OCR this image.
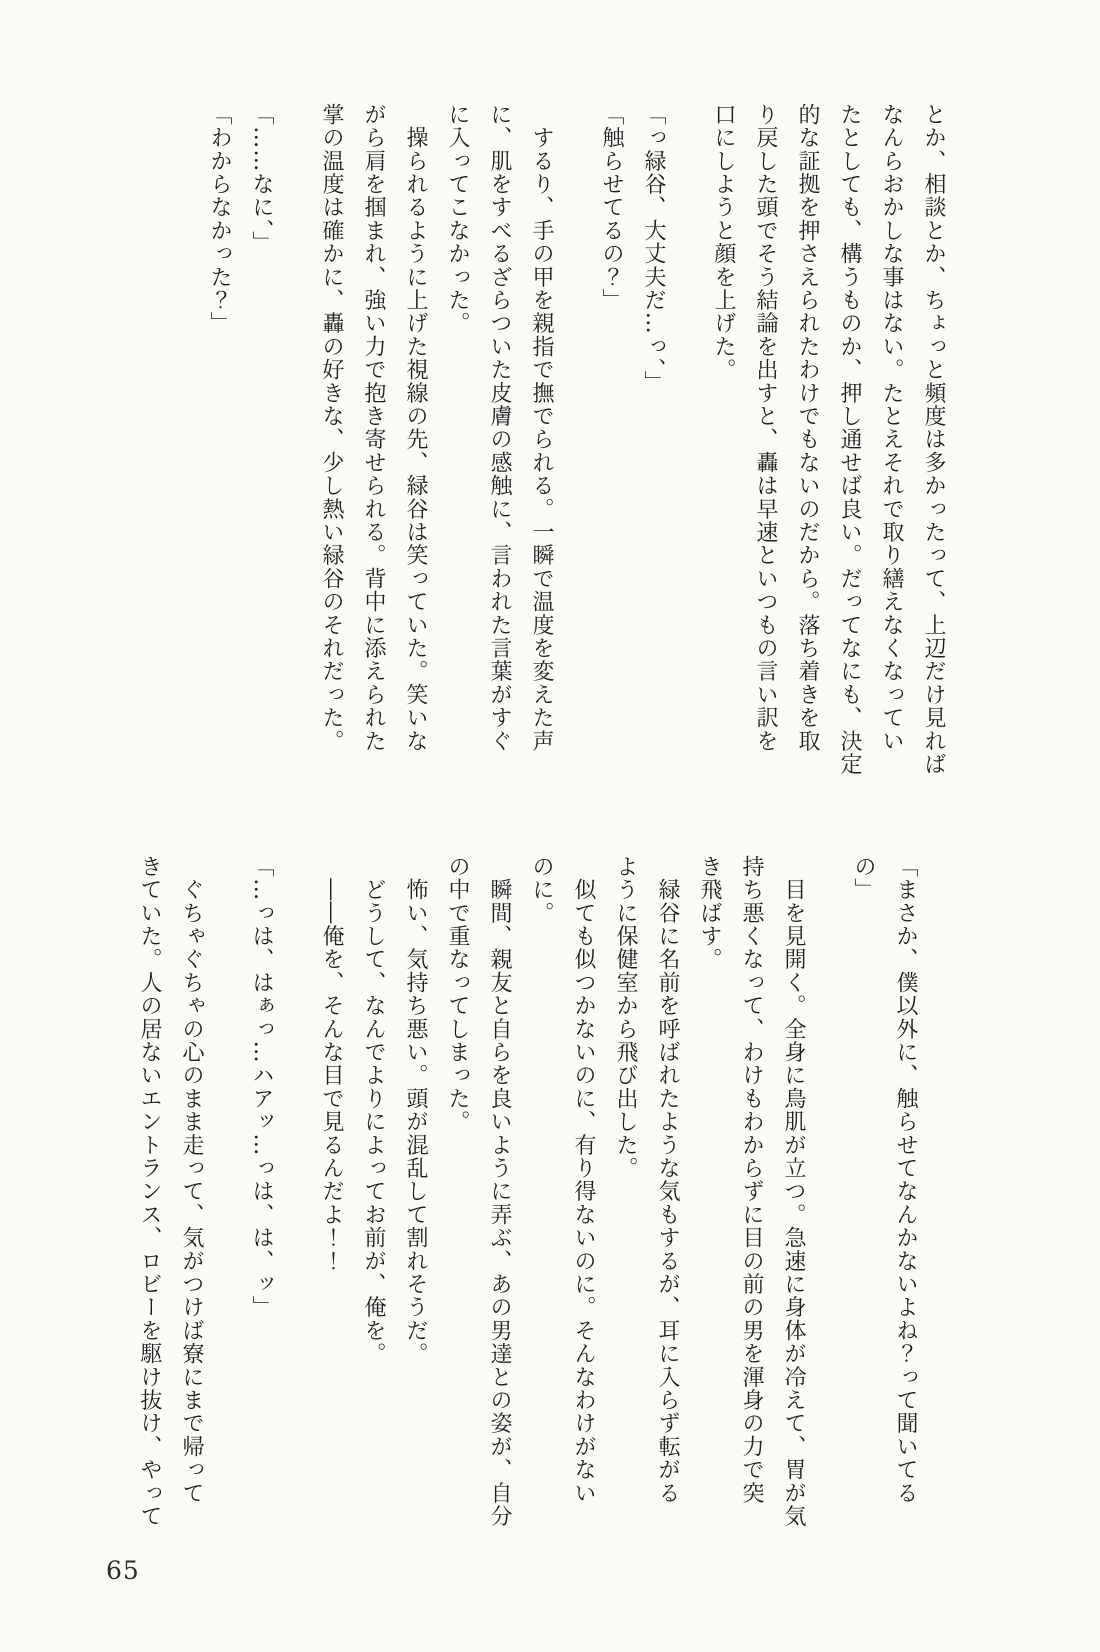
とか、相談とか、ちょっと頻度は多かったって、上辺だけ見れば

なんらおかしな事はない。たとえそれで取り繕えなくなってい

たとしても、構うものか、押し通せば良い。だってなにも、決定

的な証拠を押さえられたわけでもないのだから。落ち着きを取

り戻した頭でそう結論を出すと、轟は早速といつもの言い訳を

口にしようと顔を上げた。

「っ緑谷、大丈夫だ…っ、」

「触らせてるの？」

　するり、手の甲を親指で撫でられる。一瞬で温度を変えた声

に、肌をすべるざらついた皮膚の感触に、言われた言葉がすぐ

に入ってこなかった。

　操られるように上げた視線の先、緑谷は笑っていた。笑いな

がら肩を掴まれ、強い力で抱き寄せられる。背中に添えられた

掌の温度は確かに、轟の好きな、少し熱い緑谷のそれだった。

「……なに、」

「わからなかった？」

「まさか、僕以外に、触らせてなんかないよね？って聞いてる

の」

　目を見開く。全身に鳥肌が立つ。急速に身体が冷えて、胃が気

持ち悪くなって、わけもわからずに目の前の男を渾身の力で突

き飛ばす。

　緑谷に名前を呼ばれたような気もするが、耳に入らず転がる

ように保健室から飛び出した。

　似ても似つかないのに、有り得ないのに。そんなわけがない

のに。

　瞬間、親友と自らを良いように弄ぶ、あの男達との姿が、自分

の中で重なってしまった。

　怖い、気持ち悪い。頭が混乱して割れそうだ。

　どうして、なんでよりによってお前が、俺を。

　――俺を、そんな目で見るんだよ！！

「…っは、はぁっ…ハアッ…っは、は、ッ」

　ぐちゃぐちゃの心のまま走って、気がつけば寮にまで帰って

きていた。人の居ないエントランス、ロビーを駆け抜け、やって

65
